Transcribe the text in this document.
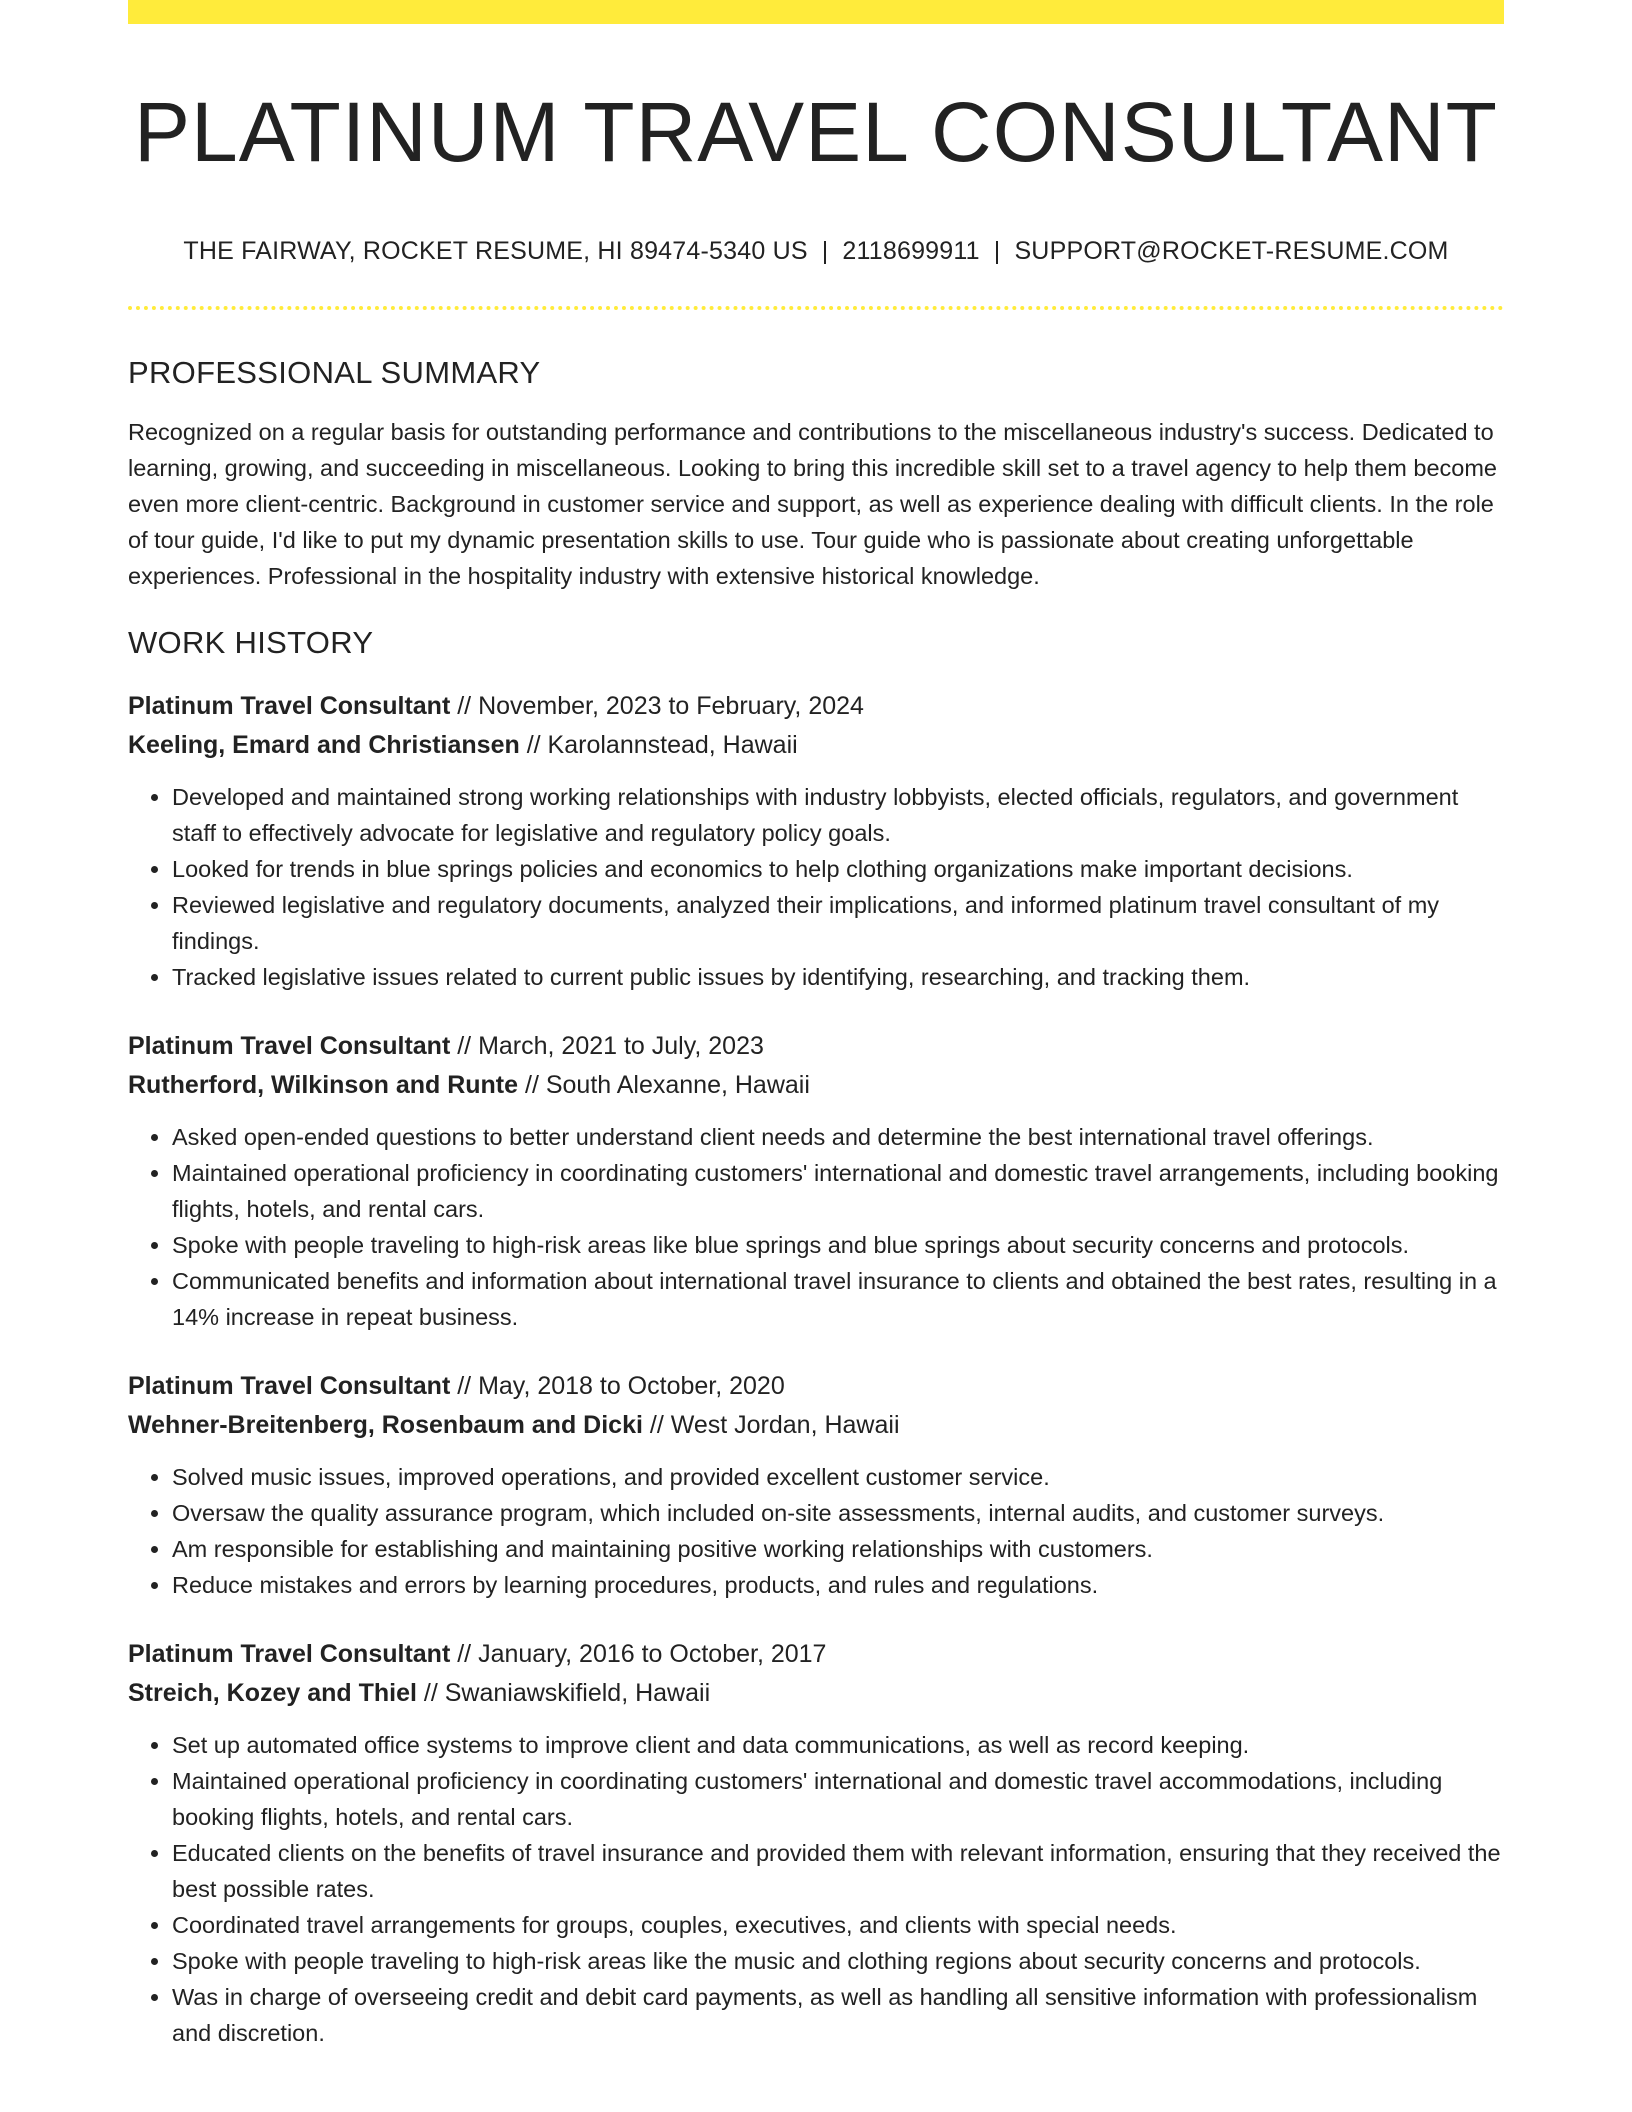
PLATINUM TRAVEL CONSULTANT
THE FAIRWAY, ROCKET RESUME, HI 89474-5340 US | 2118699911 | SUPPORT@ROCKET-RESUME.COM
PROFESSIONAL SUMMARY

Recognized on a regular basis for outstanding performance and contributions to the miscellaneous industry's success. Dedicated to learning, growing, and succeeding in miscellaneous. Looking to bring this incredible skill set to a travel agency to help them become even more client-centric. Background in customer service and support, as well as experience dealing with difficult clients. In the role of tour guide, I'd like to put my dynamic presentation skills to use. Tour guide who is passionate about creating unforgettable experiences. Professional in the hospitality industry with extensive historical knowledge.

WORK HISTORY
Platinum Travel Consultant // November, 2023 to February, 2024
Keeling, Emard and Christiansen // Karolannstead, Hawaii
• Developed and maintained strong working relationships with industry lobbyists, elected officials, regulators, and government staff to effectively advocate for legislative and regulatory policy goals.
• Looked for trends in blue springs policies and economics to help clothing organizations make important decisions.
• Reviewed legislative and regulatory documents, analyzed their implications, and informed platinum travel consultant of my findings.
• Tracked legislative issues related to current public issues by identifying, researching, and tracking them.
Platinum Travel Consultant // March, 2021 to July, 2023
Rutherford, Wilkinson and Runte // South Alexanne, Hawaii
• Asked open-ended questions to better understand client needs and determine the best international travel offerings.
• Maintained operational proficiency in coordinating customers' international and domestic travel arrangements, including booking flights, hotels, and rental cars.
• Spoke with people traveling to high-risk areas like blue springs and blue springs about security concerns and protocols.
• Communicated benefits and information about international travel insurance to clients and obtained the best rates, resulting in a 14% increase in repeat business.
Platinum Travel Consultant // May, 2018 to October, 2020
Wehner-Breitenberg, Rosenbaum and Dicki // West Jordan, Hawaii
• Solved music issues, improved operations, and provided excellent customer service.
• Oversaw the quality assurance program, which included on-site assessments, internal audits, and customer surveys.
• Am responsible for establishing and maintaining positive working relationships with customers.
• Reduce mistakes and errors by learning procedures, products, and rules and regulations.
Platinum Travel Consultant // January, 2016 to October, 2017
Streich, Kozey and Thiel // Swaniawskifield, Hawaii
• Set up automated office systems to improve client and data communications, as well as record keeping.
• Maintained operational proficiency in coordinating customers' international and domestic travel accommodations, including booking flights, hotels, and rental cars.
• Educated clients on the benefits of travel insurance and provided them with relevant information, ensuring that they received the best possible rates.
• Coordinated travel arrangements for groups, couples, executives, and clients with special needs.
• Spoke with people traveling to high-risk areas like the music and clothing regions about security concerns and protocols.
• Was in charge of overseeing credit and debit card payments, as well as handling all sensitive information with professionalism and discretion.
